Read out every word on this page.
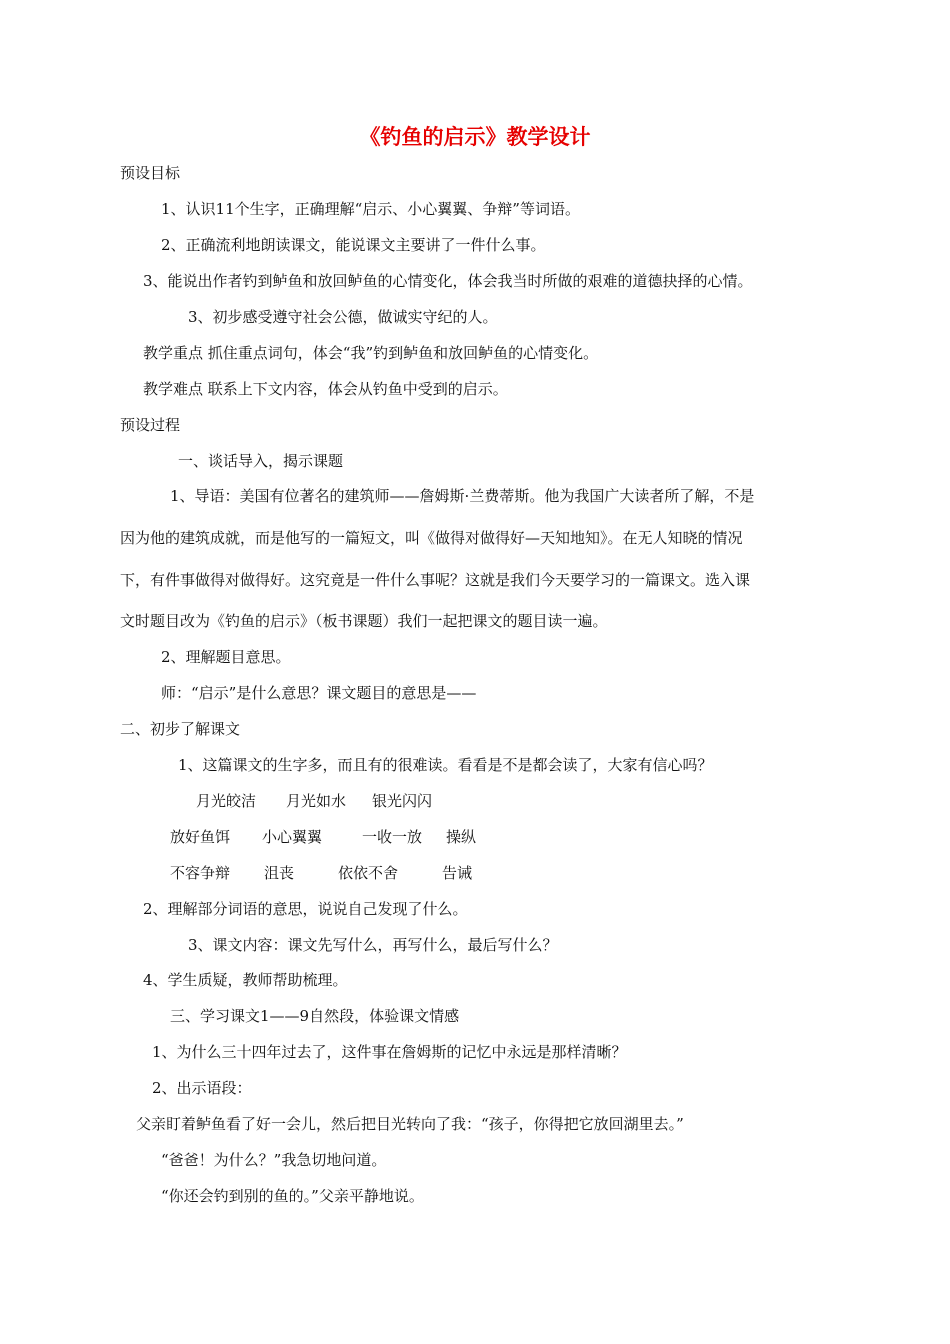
《钓鱼的启示》教学设计
预设目标
1、认识11个生字，正确理解“启示、小心翼翼、争辩”等词语。
2、正确流利地朗读课文，能说课文主要讲了一件什么事。
3、能说出作者钓到鲈鱼和放回鲈鱼的心情变化，体会我当时所做的艰难的道德抉择的心情。
3、初步感受遵守社会公德，做诚实守纪的人。
教学重点 抓住重点词句，体会“我”钓到鲈鱼和放回鲈鱼的心情变化。
教学难点 联系上下文内容，体会从钓鱼中受到的启示。
预设过程
一、谈话导入，揭示课题
1、导语：美国有位著名的建筑师——詹姆斯·兰费蒂斯。他为我国广大读者所了解，不是
因为他的建筑成就，而是他写的一篇短文，叫《做得对做得好—天知地知》。在无人知晓的情况
下，有件事做得对做得好。这究竟是一件什么事呢？这就是我们今天要学习的一篇课文。选入课
文时题目改为《钓鱼的启示》（板书课题）我们一起把课文的题目读一遍。
2、理解题目意思。
师：“启示”是什么意思？课文题目的意思是——
二、初步了解课文
1、这篇课文的生字多，而且有的很难读。看看是不是都会读了，大家有信心吗？
月光皎洁 月光如水 银光闪闪
放好鱼饵 小心翼翼	一收一放 操纵
不容争辩 沮丧	依依不舍	告诫
2、理解部分词语的意思，说说自己发现了什么。
3、课文内容：课文先写什么，再写什么，最后写什么？
4、学生质疑，教师帮助梳理。
三、学习课文1——9自然段，体验课文情感
1、为什么三十四年过去了，这件事在詹姆斯的记忆中永远是那样清晰？
2、出示语段：
父亲盯着鲈鱼看了好一会儿，然后把目光转向了我：“孩子，你得把它放回湖里去。”
“爸爸！为什么？”我急切地问道。
“你还会钓到别的鱼的。”父亲平静地说。
